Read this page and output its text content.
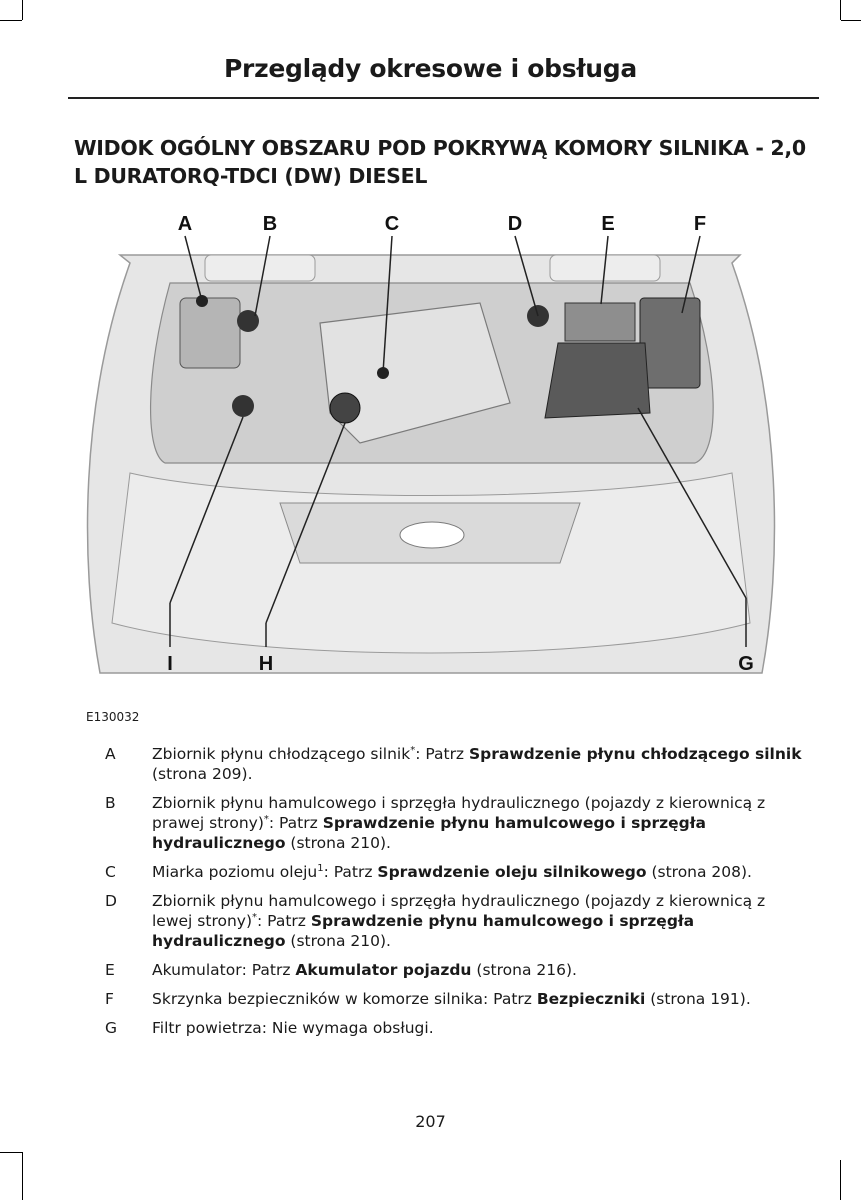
Przeglądy okresowe i obsługa
WIDOK OGÓLNY OBSZARU POD POKRYWĄ KOMORY SILNIKA - 2,0 L DURATORQ-TDCI (DW) DIESEL
A	B	C	D	E	F
G
H
I
E130032
A	Zbiornik płynu chłodzącego silnik*: Patrz Sprawdzenie płynu chłodzącego silnik (strona 209).
B	Zbiornik płynu hamulcowego i sprzęgła hydraulicznego (pojazdy z kierownicą z prawej strony)*: Patrz Sprawdzenie płynu hamulcowego i sprzęgła hydraulicznego (strona 210).
C	Miarka poziomu oleju$^1$: Patrz Sprawdzenie oleju silnikowego (strona 208).
D	Zbiornik płynu hamulcowego i sprzęgła hydraulicznego (pojazdy z kierownicą z lewej strony)*: Patrz Sprawdzenie płynu hamulcowego i sprzęgła hydraulicznego (strona 210).
E	Akumulator: Patrz Akumulator pojazdu (strona 216).
F	Skrzynka bezpieczników w komorze silnika: Patrz Bezpieczniki (strona 191).
G	Filtr powietrza: Nie wymaga obsługi.
207
